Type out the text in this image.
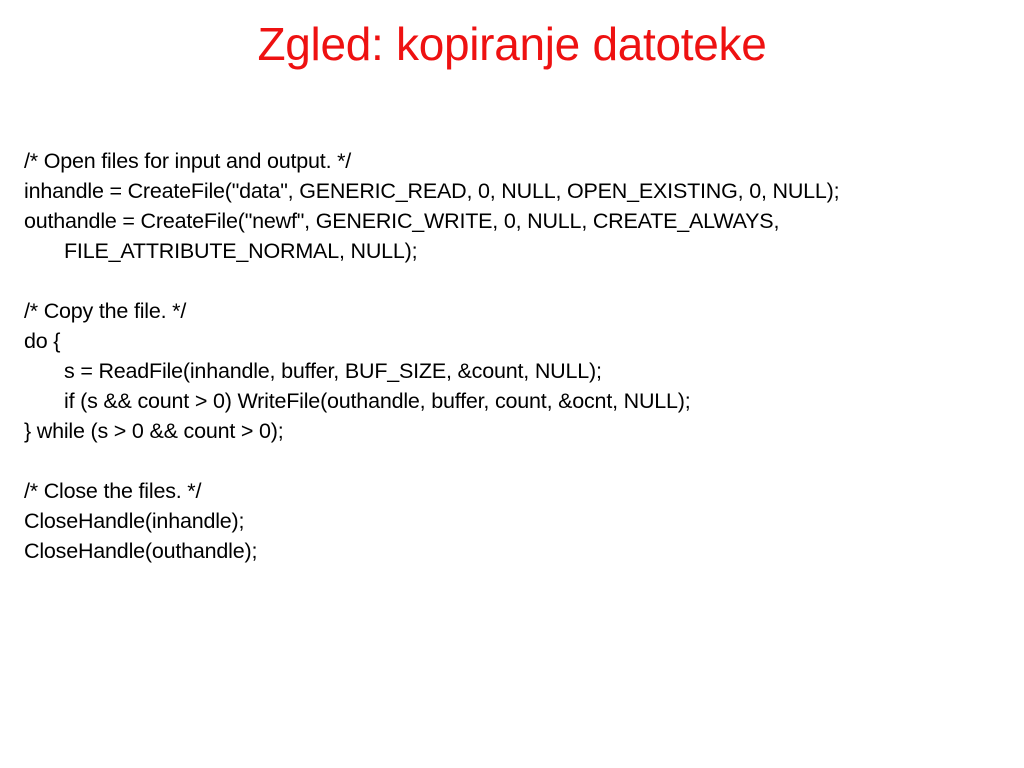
Zgled: kopiranje datoteke
/* Open files for input and output. */
inhandle = CreateFile("data", GENERIC_READ, 0, NULL, OPEN_EXISTING, 0, NULL);
outhandle = CreateFile("newf", GENERIC_WRITE, 0, NULL, CREATE_ALWAYS,
FILE_ATTRIBUTE_NORMAL, NULL);
/* Copy the file. */
do {
s = ReadFile(inhandle, buffer, BUF_SIZE, &count, NULL);
if (s && count > 0) WriteFile(outhandle, buffer, count, &ocnt, NULL);
} while (s > 0 && count > 0);
/* Close the files. */
CloseHandle(inhandle);
CloseHandle(outhandle);
